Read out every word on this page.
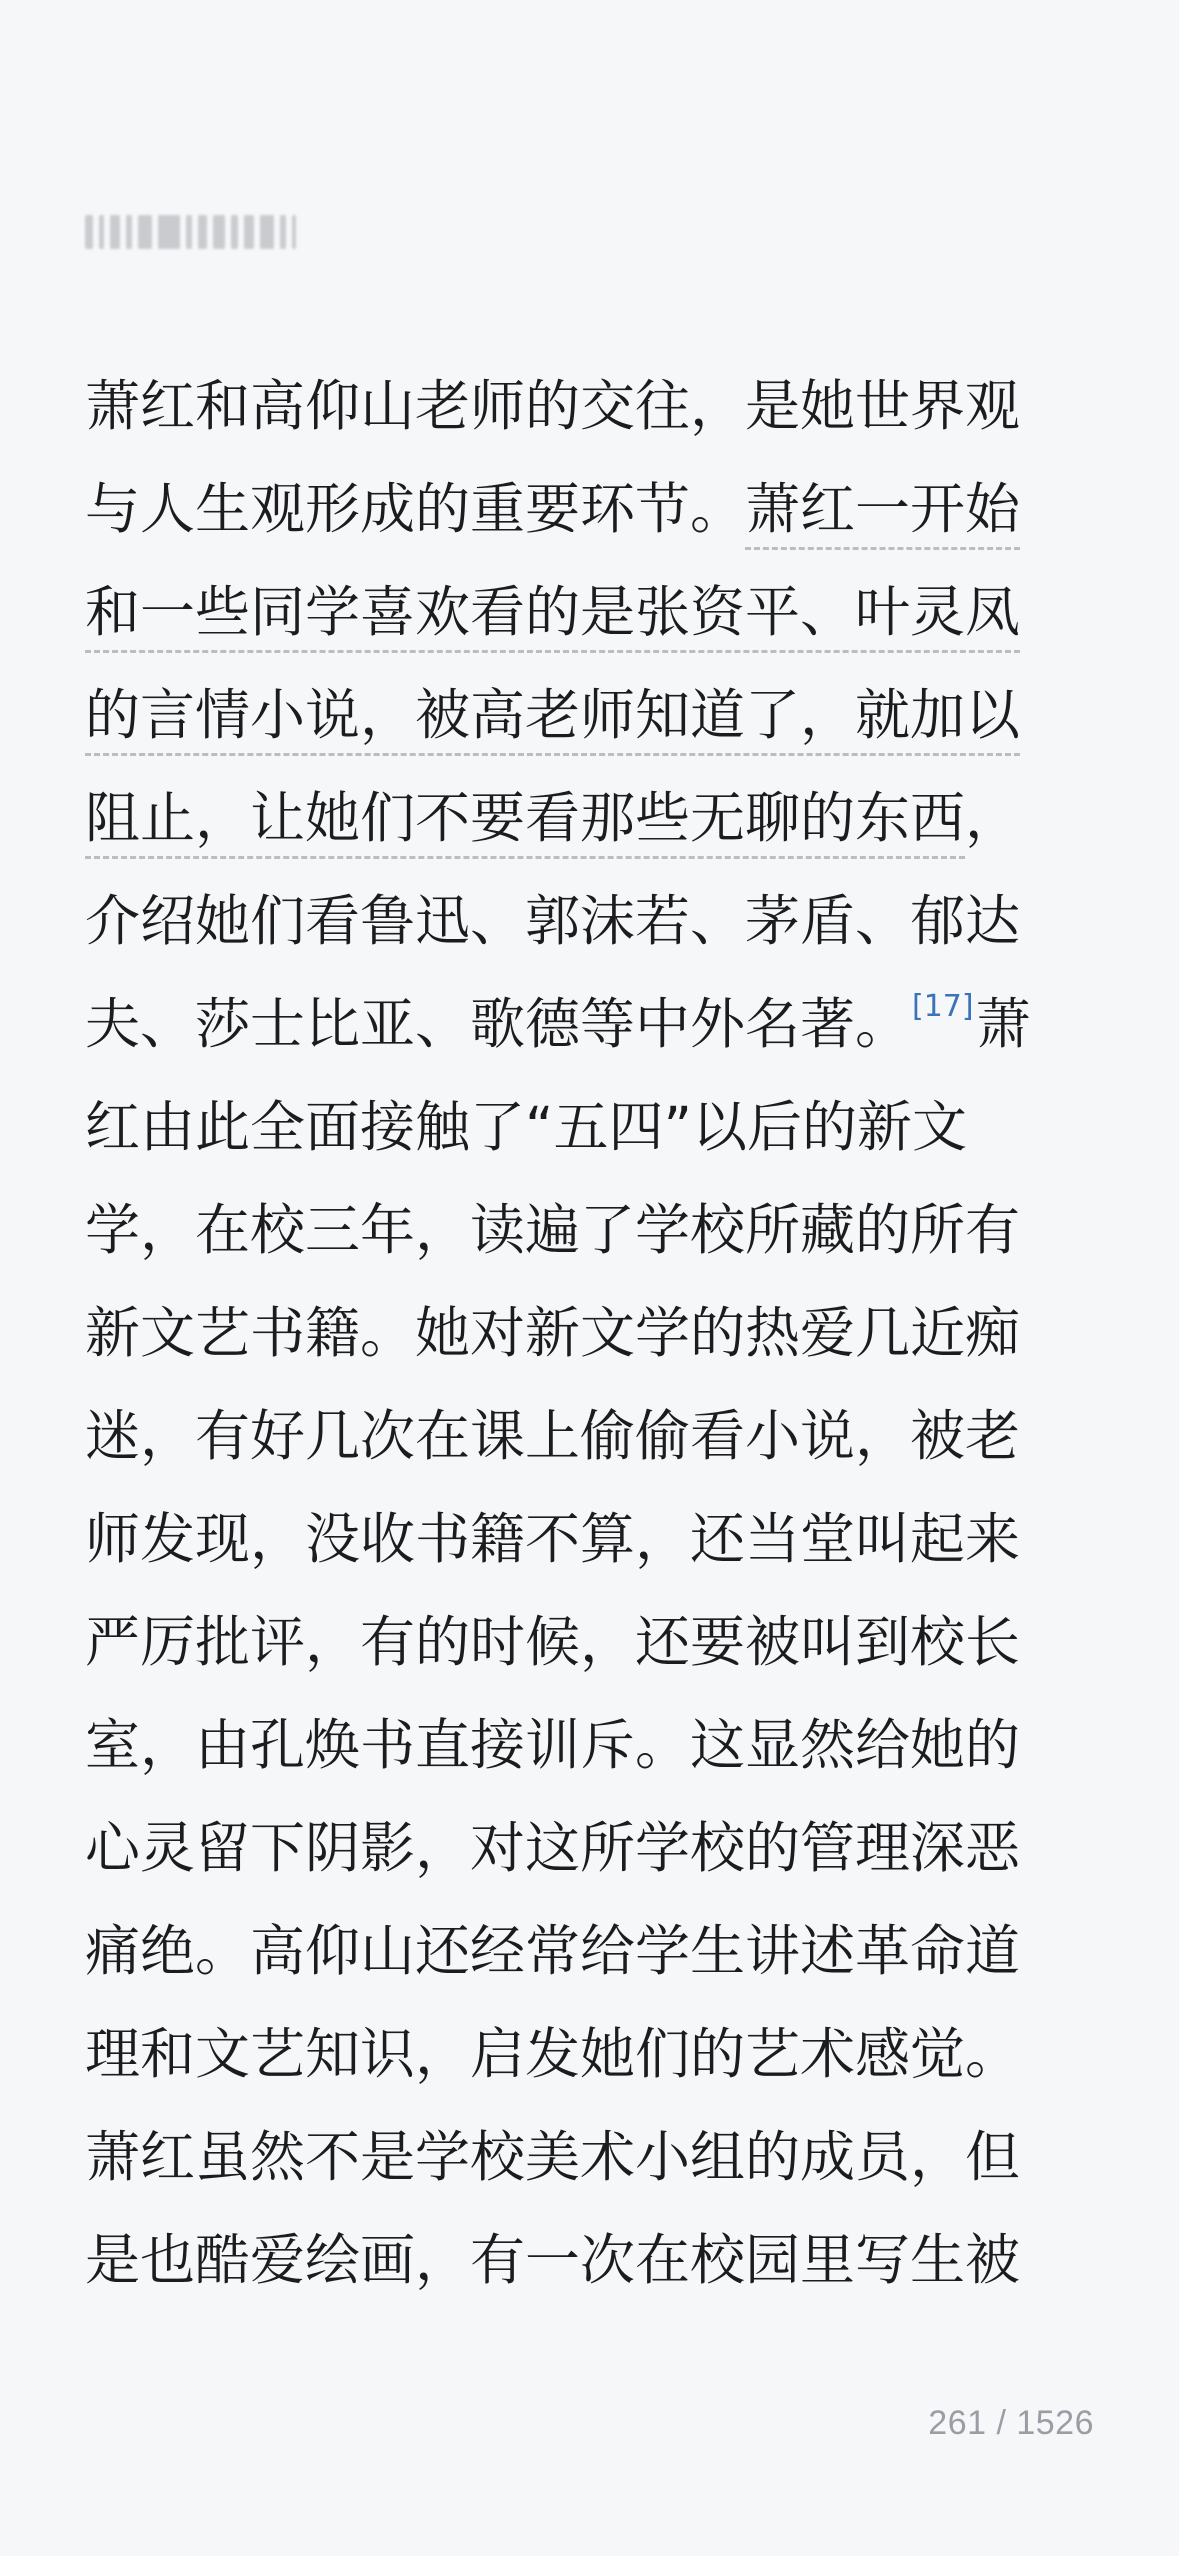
萧红和高仰山老师的交往，是她世界观
与人生观形成的重要环节。萧红一开始
和一些同学喜欢看的是张资平、叶灵凤
的言情小说，被高老师知道了，就加以
阻止，让她们不要看那些无聊的东西，
介绍她们看鲁迅、郭沫若、茅盾、郁达
夫、莎士比亚、歌德等中外名著。[17]萧
红由此全面接触了“五四”以后的新文
学，在校三年，读遍了学校所藏的所有
新文艺书籍。她对新文学的热爱几近痴
迷，有好几次在课上偷偷看小说，被老
师发现，没收书籍不算，还当堂叫起来
严厉批评，有的时候，还要被叫到校长
室，由孔焕书直接训斥。这显然给她的
心灵留下阴影，对这所学校的管理深恶
痛绝。高仰山还经常给学生讲述革命道
理和文艺知识，启发她们的艺术感觉。
萧红虽然不是学校美术小组的成员，但
是也酷爱绘画，有一次在校园里写生被
261 / 1526
